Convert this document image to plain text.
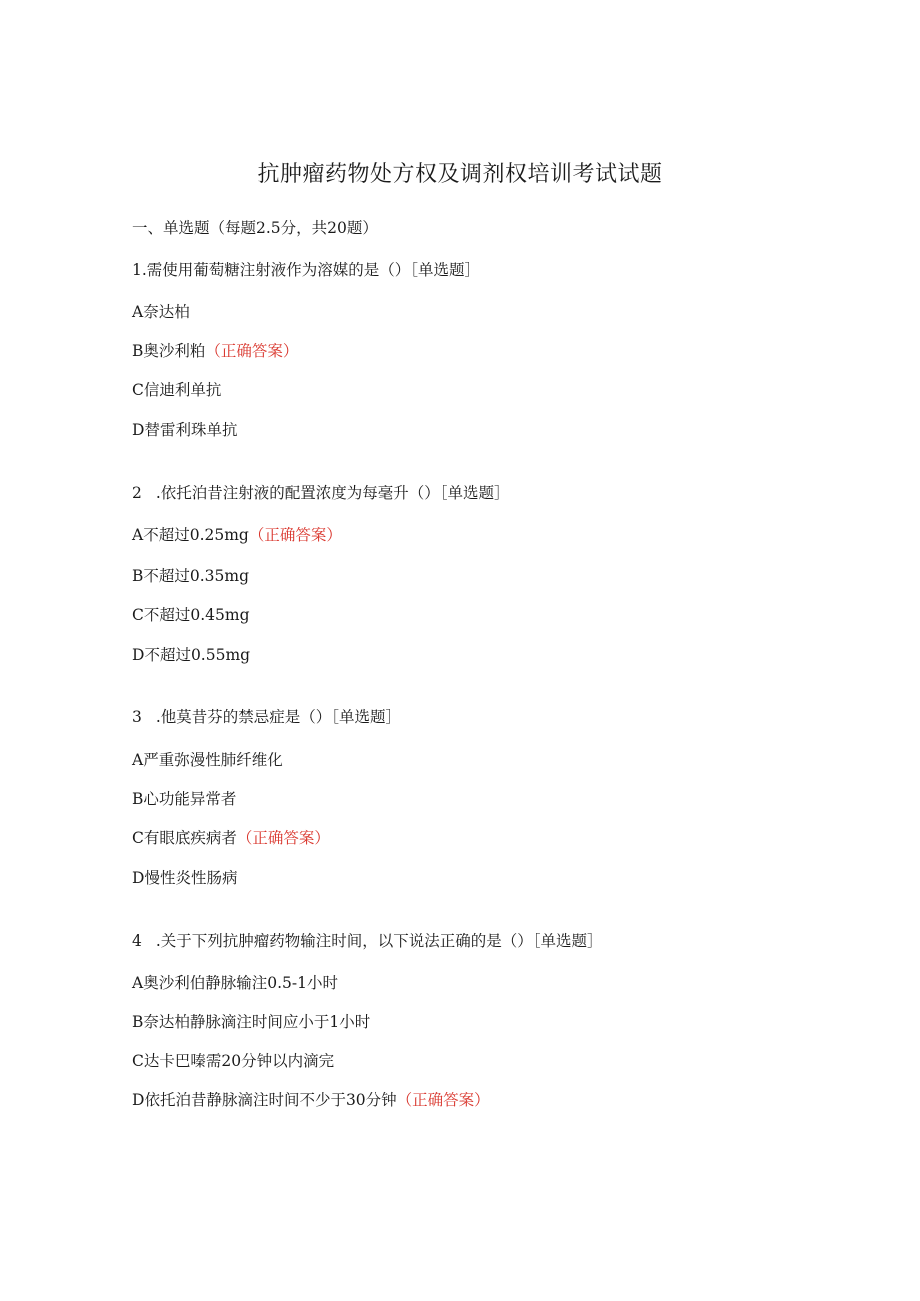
抗肿瘤药物处方权及调剂权培训考试试题
一、单选题（每题2.5分，共20题）
1.需使用葡萄糖注射液作为溶媒的是（）［单选题］
A奈达柏
B奥沙利粕（正确答案）
C信迪利单抗
D替雷利珠单抗
2 .依托泊昔注射液的配置浓度为每毫升（）［单选题］
A不超过0.25mg（正确答案）
B不超过0.35mg
C不超过0.45mg
D不超过0.55mg
3 .他莫昔芬的禁忌症是（）［单选题］
A严重弥漫性肺纤维化
B心功能异常者
C有眼底疾病者（正确答案）
D慢性炎性肠病
4 .关于下列抗肿瘤药物输注时间，以下说法正确的是（）［单选题］
A奥沙利伯静脉输注0.5-1小时
B奈达柏静脉滴注时间应小于1小时
C达卡巴嗪需20分钟以内滴完
D依托泊昔静脉滴注时间不少于30分钟（正确答案）
